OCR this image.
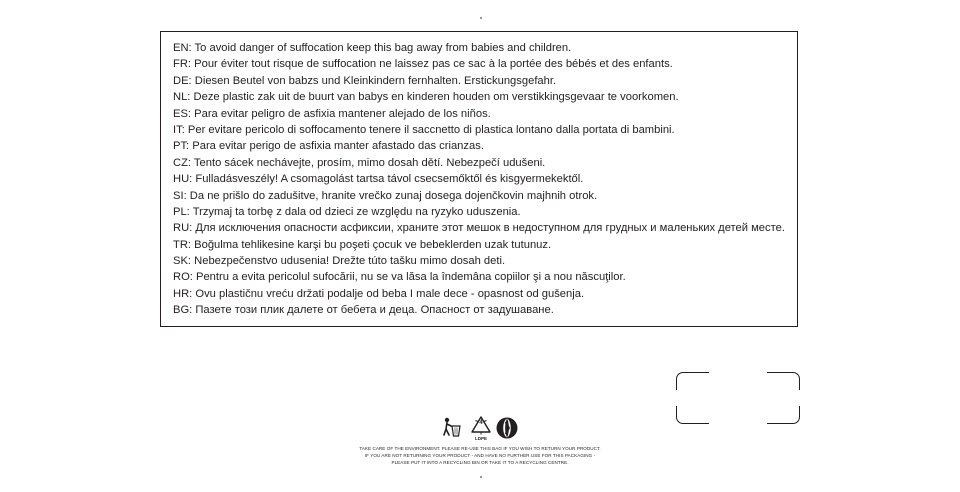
EN: To avoid danger of suffocation keep this bag away from babies and children.
FR: Pour éviter tout risque de suffocation ne laissez pas ce sac à la portée des bébés et des enfants.
DE: Diesen Beutel von babzs und Kleinkindern fernhalten. Erstickungsgefahr.
NL: Deze plastic zak uit de buurt van babys en kinderen houden om verstikkingsgevaar te voorkomen.
ES: Para evitar peligro de asfixia mantener alejado de los niños.
IT: Per evitare pericolo di soffocamento tenere il saccnetto di plastica lontano dalla portata di bambini.
PT: Para evitar perigo de asfixia manter afastado das crianzas.
CZ: Tento sácek nechávejte, prosím, mimo dosah dětí. Nebezpečí udušeni.
HU: Fulladásveszély! A csomagolást tartsa távol csecsemőktől és kisgyermekektől.
SI: Da ne prišlo do zadušitve, hranite vrečko zunaj dosega dojenčkovin majhnih otrok.
PL: Trzymaj ta torbę z dala od dzieci ze względu na ryzyko uduszenia.
RU: Для исключения опасности асфиксии, храните этот мешок в недоступном для грудных и маленьких детей месте.
TR: Boğulma tehlikesine karşi bu poşeti çocuk ve bebeklerden uzak tutunuz.
SK: Nebezpečenstvo udusenia! Drežte túto tašku mimo dosah deti.
RO: Pentru a evita pericolul sufocării, nu se va lăsa la îndemâna copiilor şi a nou născuţilor.
HR: Ovu plastičnu vreću držati podalje od beba I male dece - opasnost od gušenja.
BG: Пазете този плик далете от бебета и деца. Опасност от задушаване.
4
LDPE
TAKE CARE OF THE ENVIRONMENT. PLEASE RE-USE THIS BAG IF YOU WISH TO RETURN YOUR PRODUCT.
IF YOU ARE NOT RETURNING YOUR PRODUCT - AND HAVE NO FURTHER USE FOR THIS PACKAGING -
PLEASE PUT IT INTO A RECYCLING BIN OR TAKE IT TO A RECYCLING CENTRE.
